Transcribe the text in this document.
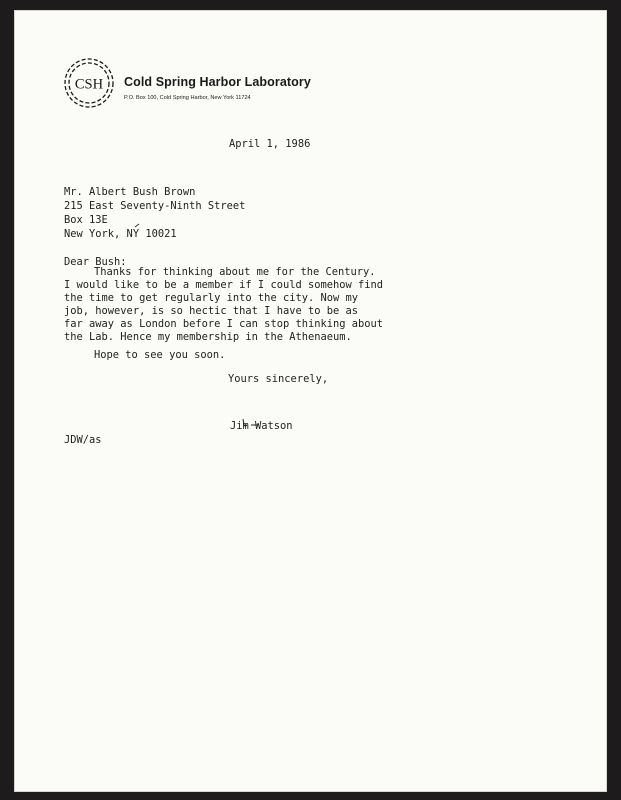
CSH Cold Spring Harbor Laboratory
P.O. Box 100, Cold Spring Harbor, New York 11724
April 1, 1986
Mr. Albert Bush Brown
215 East Seventy-Ninth Street
Box 13E
New York, NY 10021
Dear Bush:
Thanks for thinking about me for the Century.
I would like to be a member if I could somehow find
the time to get regularly into the city. Now my
job, however, is so hectic that I have to be as
far away as London before I can stop thinking about
the Lab. Hence my membership in the Athenaeum.
Hope to see you soon.
Yours sincerely,
Jim Watson
JDW/as
